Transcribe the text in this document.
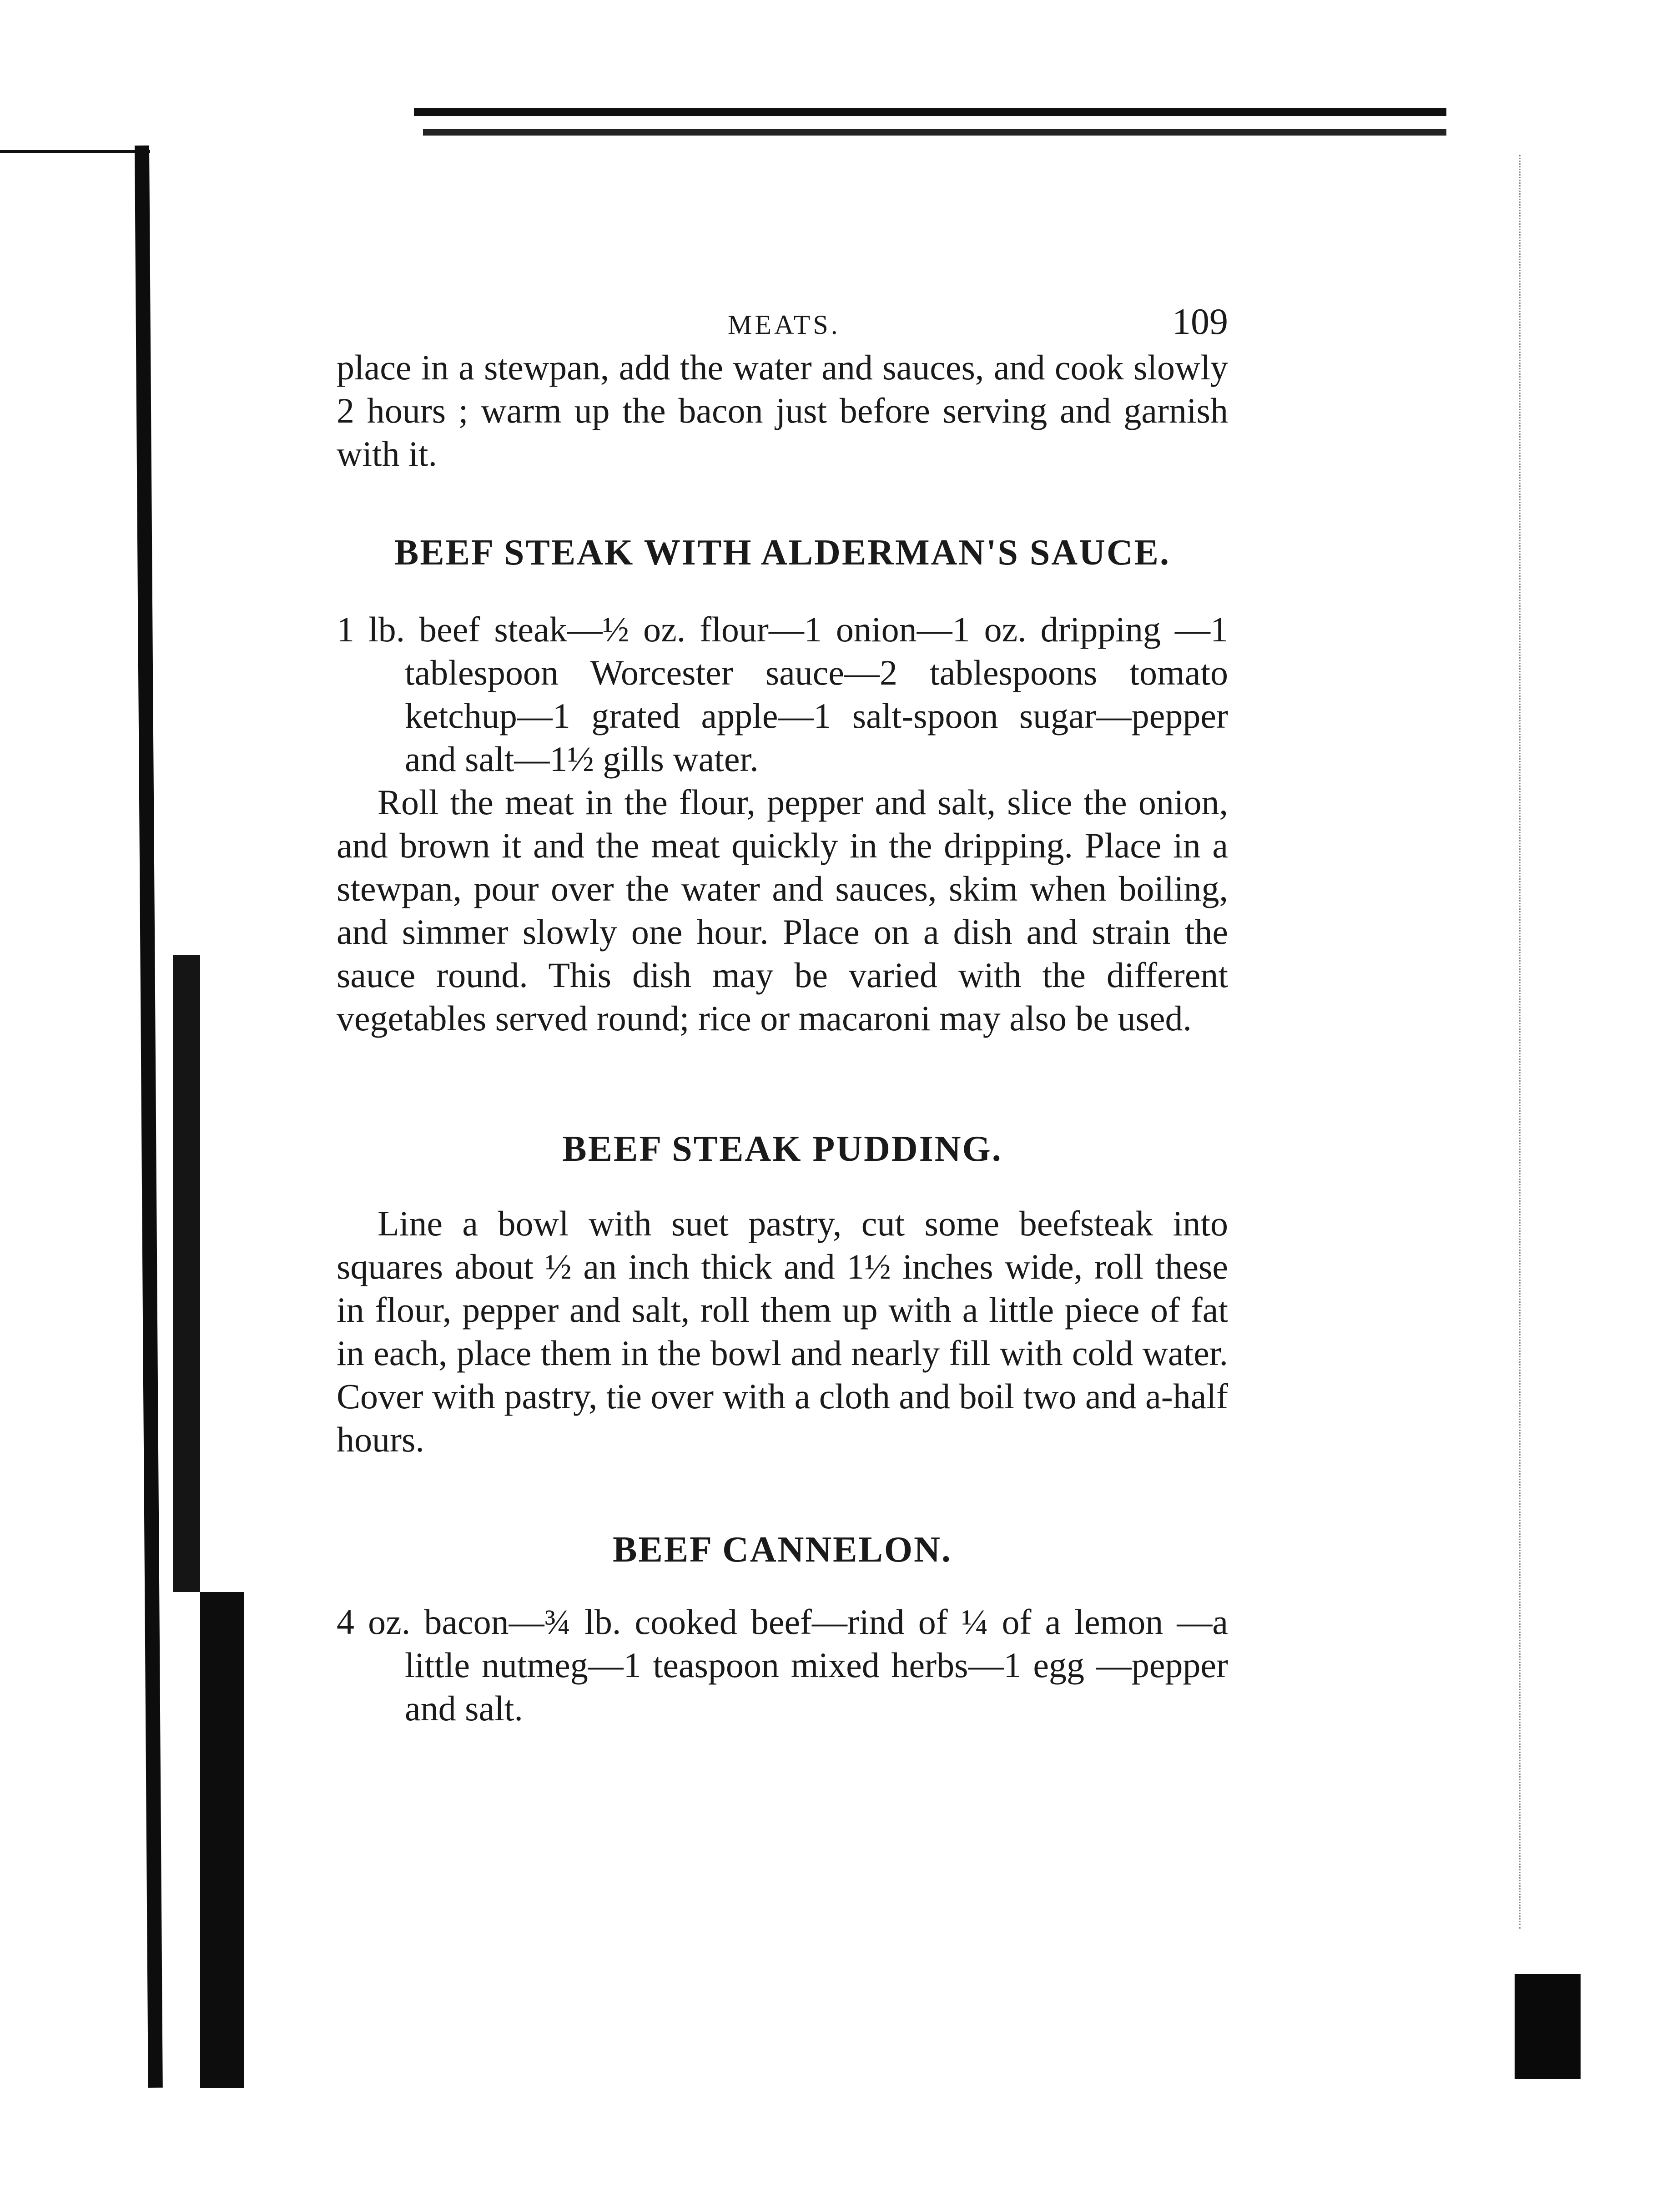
MEATS.	109

place in a stewpan, add the water and sauces, and cook slowly 2 hours ; warm up the bacon just before serving and garnish with it.

BEEF STEAK WITH ALDERMAN'S SAUCE.

1 lb. beef steak—½ oz. flour—1 onion—1 oz. dripping —1 tablespoon Worcester sauce—2 tablespoons tomato ketchup—1 grated apple—1 salt-spoon sugar—pepper and salt—1½ gills water.

Roll the meat in the flour, pepper and salt, slice the onion, and brown it and the meat quickly in the dripping. Place in a stewpan, pour over the water and sauces, skim when boiling, and simmer slowly one hour. Place on a dish and strain the sauce round. This dish may be varied with the different vegetables served round; rice or macaroni may also be used.

BEEF STEAK PUDDING.

Line a bowl with suet pastry, cut some beefsteak into squares about ½ an inch thick and 1½ inches wide, roll these in flour, pepper and salt, roll them up with a little piece of fat in each, place them in the bowl and nearly fill with cold water. Cover with pastry, tie over with a cloth and boil two and a-half hours.

BEEF CANNELON.

4 oz. bacon—¾ lb. cooked beef—rind of ¼ of a lemon —a little nutmeg—1 teaspoon mixed herbs—1 egg —pepper and salt.
